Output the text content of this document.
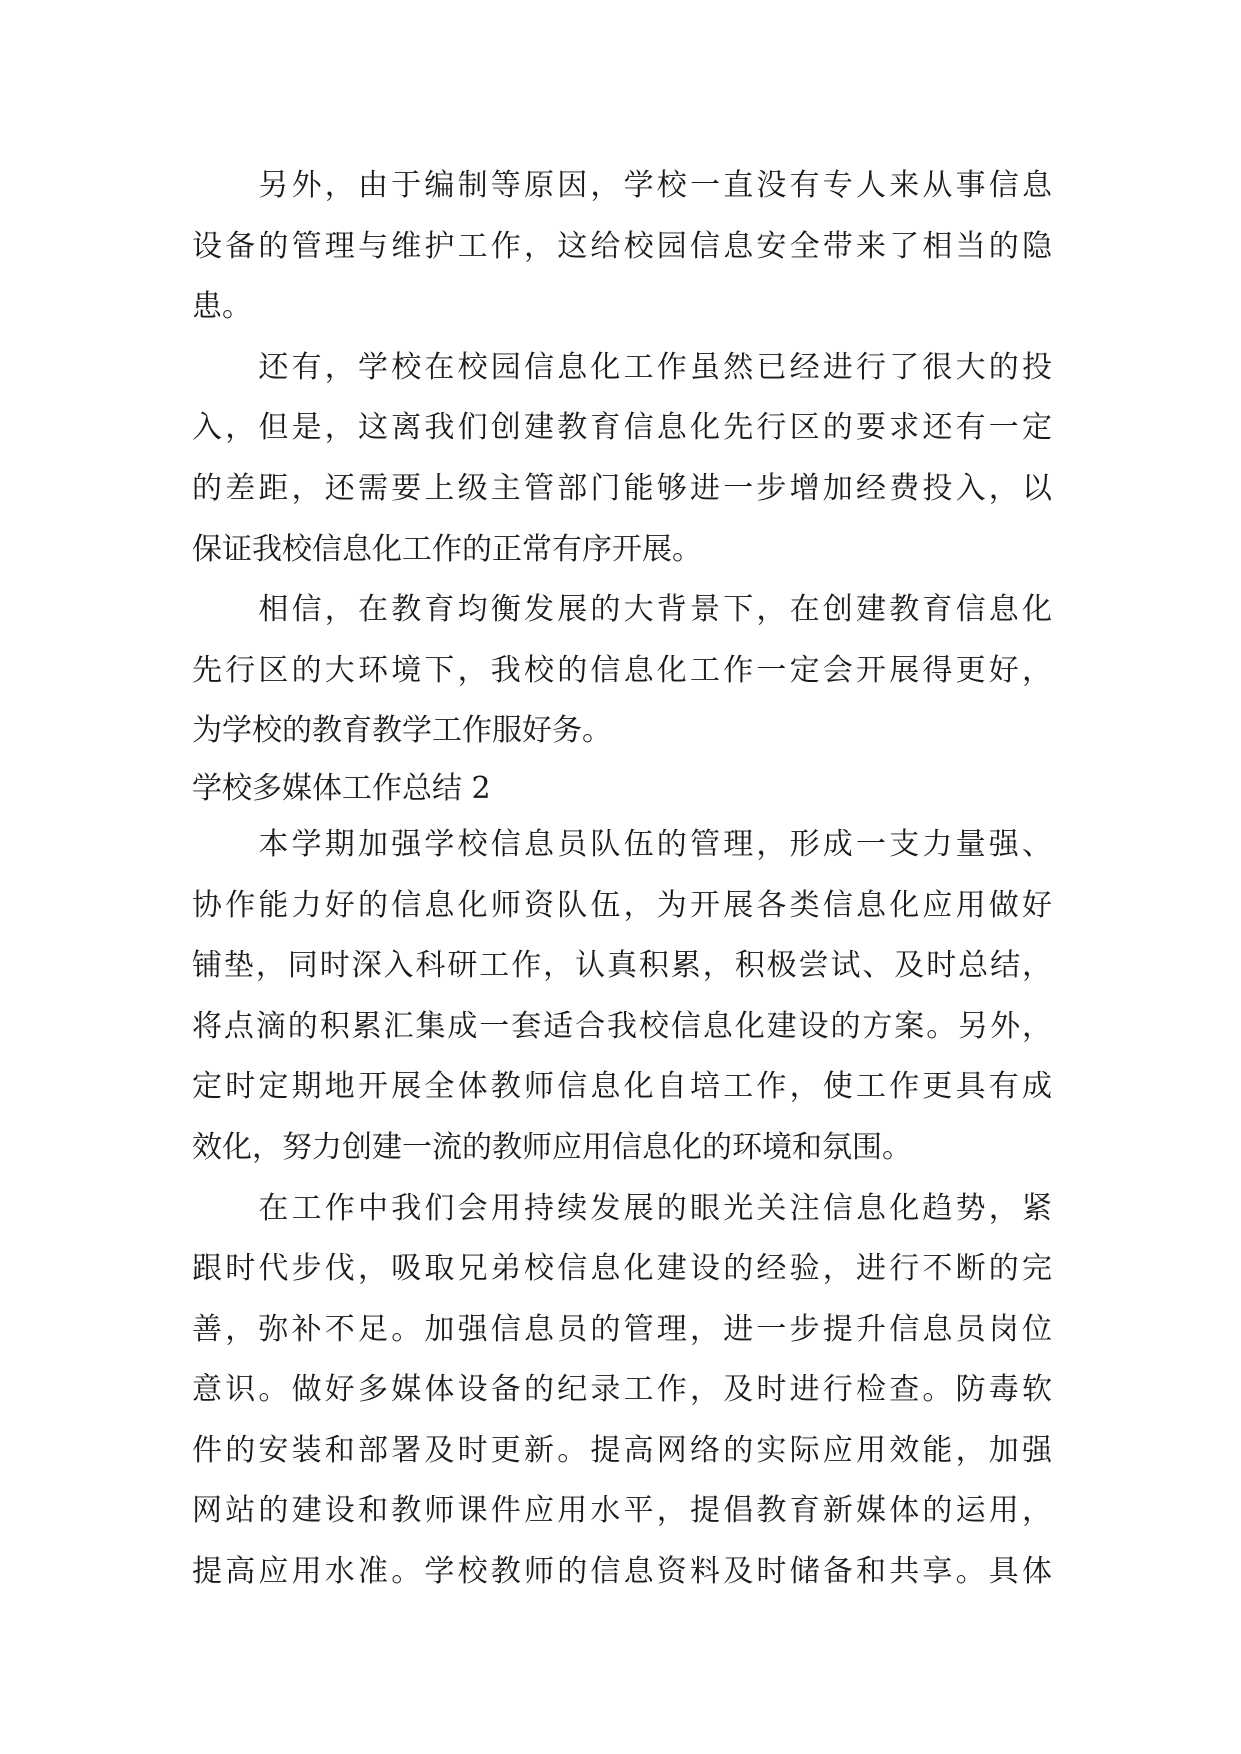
　　另外，由于编制等原因，学校一直没有专人来从事信息
设备的管理与维护工作，这给校园信息安全带来了相当的隐
患。
　　还有，学校在校园信息化工作虽然已经进行了很大的投
入，但是，这离我们创建教育信息化先行区的要求还有一定
的差距，还需要上级主管部门能够进一步增加经费投入，以
保证我校信息化工作的正常有序开展。
　　相信，在教育均衡发展的大背景下，在创建教育信息化
先行区的大环境下，我校的信息化工作一定会开展得更好，
为学校的教育教学工作服好务。
学校多媒体工作总结 2
　　本学期加强学校信息员队伍的管理，形成一支力量强、
协作能力好的信息化师资队伍，为开展各类信息化应用做好
铺垫，同时深入科研工作，认真积累，积极尝试、及时总结，
将点滴的积累汇集成一套适合我校信息化建设的方案。另外，
定时定期地开展全体教师信息化自培工作，使工作更具有成
效化，努力创建一流的教师应用信息化的环境和氛围。
　　在工作中我们会用持续发展的眼光关注信息化趋势，紧
跟时代步伐，吸取兄弟校信息化建设的经验，进行不断的完
善，弥补不足。加强信息员的管理，进一步提升信息员岗位
意识。做好多媒体设备的纪录工作，及时进行检查。防毒软
件的安装和部署及时更新。提高网络的实际应用效能，加强
网站的建设和教师课件应用水平，提倡教育新媒体的运用，
提高应用水准。学校教师的信息资料及时储备和共享。具体
